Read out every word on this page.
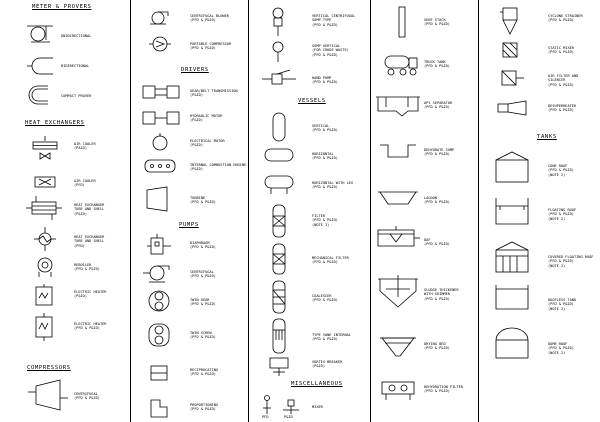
METER & PROVERS
UNIDIRECTIONAL
BIDIRECTIONAL
COMPACT PROVER
HEAT EXCHANGERS
AIR COOLER
(PAID)
AIR COOLER
(PFD)
HEAT EXCHANGER
TUBE AND SHELL
(P&ID)
HEAT EXCHANGER
TUBE AND SHELL
(PFD)
REBOILER
(PFD & P&ID)
ELECTRIC HEATER
(P&ID)
ELECTRIC HEATER
(PFD & P&ID)
COMPRESSORS
CENTRIFUGAL
(PFD & P&ID)
CENTRIFUGAL BLOWER
(PFD & P&ID)
PORTABLE COMPRESSOR
(PFD & P&ID)
DRIVERS
GEAR/BELT TRANSMISSION
(P&ID)
HYDRAULIC MOTOR
(P&ID)
ELECTRICAL MOTOR
(P&ID)
INTERNAL COMBUSTION ENGINE
(P&ID)
TURBINE
(PFD & P&ID)
PUMPS
DIAPHRAGM
(PFD & P&ID)
CENTRIFUGAL
(PFD & P&ID)
TWIN GEAR
(PFD & P&ID)
TWIN SCREW
(PFD & P&ID)
RECIPROCATING
(PFD & P&ID)
PROPORTIONING
(PFD & P&ID)
VERTICAL CENTRIFUGAL
SUMP TYPE
(PFD & P&ID)
SUMP VERTICAL
(FOR CRUDE WASTE)
(PFD & P&ID)
HAND PUMP
(PFD & P&ID)
VESSELS
VERTICAL
(PFD & P&ID)
HORIZONTAL
(PFD & P&ID)
HORIZONTAL WITH LEG
(PFD & P&ID)
FILTER
(PFD & P&ID)
(NOTE 1)
MECHANICAL FILTER
(PFD & P&ID)
COALESCER
(PFD & P&ID)
TYPE VANE INTERNAL
(PFD & P&ID)
VORTEX BREAKER
(P&ID)
MISCELLANEOUS
MIXER
PFD	P&ID
VENT STACK
(PFD & P&ID)
TRUCK TANK
(PFD & P&ID)
API SEPARATOR
(PFD & P&ID)
DEHYDRATE SUMP
(PFD & P&ID)
LAGOON
(PFD & P&ID)
DAF
(PFD & P&ID)
SLUDGE THICKENER
WITH SKIMMER
(PFD & P&ID)
DRYING BED
(PFD & P&ID)
DEHYDRATION FILTER
(PFD & P&ID)
CYCLONE STRAINER
(PFD & P&ID)
STATIC MIXER
(PFD & P&ID)
AIR FILTER AND
SILENCER
(PFD & P&ID)
DESUPERHEATER
(PFD & P&ID)
TANKS
CONE ROOF
(PFD & P&ID)
(NOTE 2)
FLOATING ROOF
(PFD & P&ID)
(NOTE 2)
COVERED FLOATING ROOF
(PFD & P&ID)
(NOTE 2)
ROOFLESS TANK
(PFD & P&ID)
(NOTE 2)
DOME ROOF
(PFD & P&ID)
(NOTE 2)
